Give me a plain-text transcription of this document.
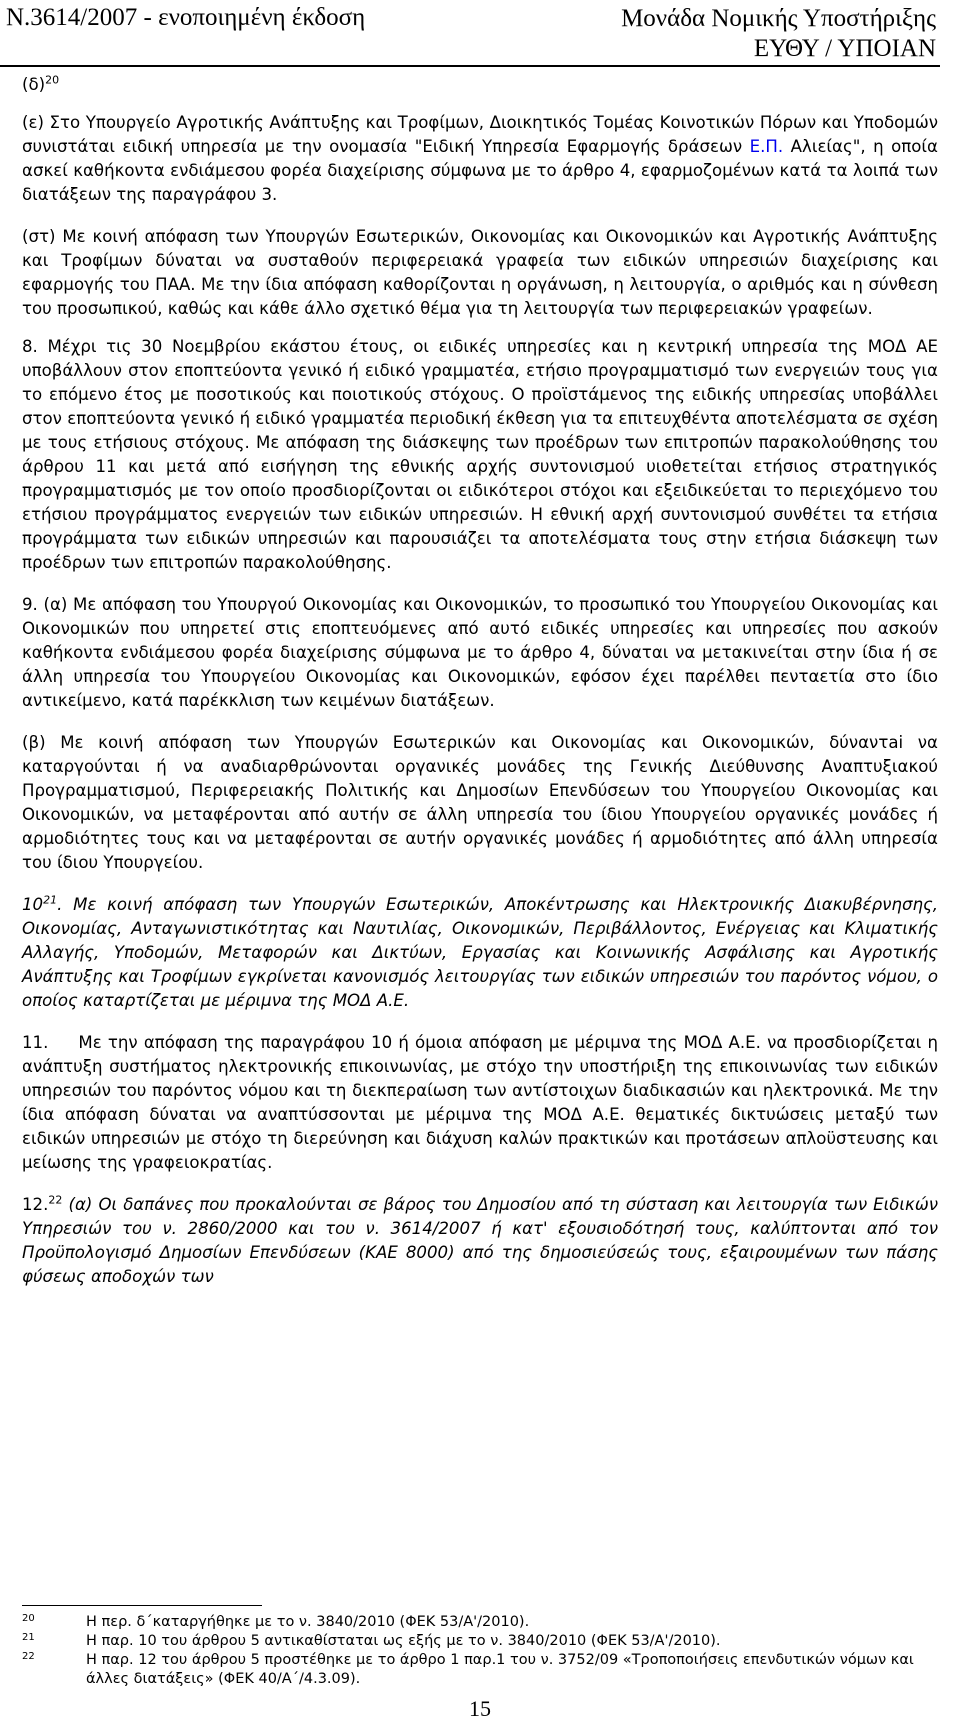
Ν.3614/2007 - ενοποιημένη έκδοση	Μονάδα Νομικής Υποστήριξης
ΕΥΘΥ / ΥΠΟΙΑΝ

$(\delta)^{20}$

(ε) Στο Υπουργείο Αγροτικής Ανάπτυξης και Τροφίμων, Διοικητικός Τομέας Κοινοτικών Πόρων και Υποδομών συνιστάται ειδική υπηρεσία με την ονομασία "Ειδική Υπηρεσία Εφαρμογής δράσεων Ε.Π. Αλιείας", η οποία ασκεί καθήκοντα ενδιάμεσου φορέα διαχείρισης σύμφωνα με το άρθρο 4, εφαρμοζομένων κατά τα λοιπά των διατάξεων της παραγράφου 3.

(στ) Με κοινή απόφαση των Υπουργών Εσωτερικών, Οικονομίας και Οικονομικών και Αγροτικής Ανάπτυξης και Τροφίμων δύναται να συσταθούν περιφερειακά γραφεία των ειδικών υπηρεσιών διαχείρισης και εφαρμογής του ΠΑΑ. Με την ίδια απόφαση καθορίζονται η οργάνωση, η λειτουργία, ο αριθμός και η σύνθεση του προσωπικού, καθώς και κάθε άλλο σχετικό θέμα για τη λειτουργία των περιφερειακών γραφείων.

8. Μέχρι τις 30 Νοεμβρίου εκάστου έτους, οι ειδικές υπηρεσίες και η κεντρική υπηρεσία της ΜΟΔ ΑΕ υποβάλλουν στον εποπτεύοντα γενικό ή ειδικό γραμματέα, ετήσιο προγραμματισμό των ενεργειών τους για το επόμενο έτος με ποσοτικούς και ποιοτικούς στόχους. Ο προϊστάμενος της ειδικής υπηρεσίας υποβάλλει στον εποπτεύοντα γενικό ή ειδικό γραμματέα περιοδική έκθεση για τα επιτευχθέντα αποτελέσματα σε σχέση με τους ετήσιους στόχους. Με απόφαση της διάσκεψης των προέδρων των επιτροπών παρακολούθησης του άρθρου 11 και μετά από εισήγηση της εθνικής αρχής συντονισμού υιοθετείται ετήσιος στρατηγικός προγραμματισμός με τον οποίο προσδιορίζονται οι ειδικότεροι στόχοι και εξειδικεύεται το περιεχόμενο του ετήσιου προγράμματος ενεργειών των ειδικών υπηρεσιών. Η εθνική αρχή συντονισμού συνθέτει τα ετήσια προγράμματα των ειδικών υπηρεσιών και παρουσιάζει τα αποτελέσματα τους στην ετήσια διάσκεψη των προέδρων των επιτροπών παρακολούθησης.

9. (α) Με απόφαση του Υπουργού Οικονομίας και Οικονομικών, το προσωπικό του Υπουργείου Οικονομίας και Οικονομικών που υπηρετεί στις εποπτευόμενες από αυτό ειδικές υπηρεσίες και υπηρεσίες που ασκούν καθήκοντα ενδιάμεσου φορέα διαχείρισης σύμφωνα με το άρθρο 4, δύναται να μετακινείται στην ίδια ή σε άλλη υπηρεσία του Υπουργείου Οικονομίας και Οικονομικών, εφόσον έχει παρέλθει πενταετία στο ίδιο αντικείμενο, κατά παρέκκλιση των κειμένων διατάξεων.

(β) Με κοινή απόφαση των Υπουργών Εσωτερικών και Οικονομίας και Οικονομικών, δύναντai να καταργούνται ή να αναδιαρθρώνονται οργανικές μονάδες της Γενικής Διεύθυνσης Αναπτυξιακού Προγραμματισμού, Περιφερειακής Πολιτικής και Δημοσίων Επενδύσεων του Υπουργείου Οικονομίας και Οικονομικών, να μεταφέρονται από αυτήν σε άλλη υπηρεσία του ίδιου Υπουργείου οργανικές μονάδες ή αρμοδιότητες τους και να μεταφέρονται σε αυτήν οργανικές μονάδες ή αρμοδιότητες από άλλη υπηρεσία του ίδιου Υπουργείου.

$10^{21}$. Με κοινή απόφαση των Υπουργών Εσωτερικών, Αποκέντρωσης και Ηλεκτρονικής Διακυβέρνησης, Οικονομίας, Ανταγωνιστικότητας και Ναυτιλίας, Οικονομικών, Περιβάλλοντος, Ενέργειας και Κλιματικής Αλλαγής, Υποδομών, Μεταφορών και Δικτύων, Εργασίας και Κοινωνικής Ασφάλισης και Αγροτικής Ανάπτυξης και Τροφίμων εγκρίνεται κανονισμός λειτουργίας των ειδικών υπηρεσιών του παρόντος νόμου, ο οποίος καταρτίζεται με μέριμνα της ΜΟΔ Α.Ε.

11. Με την απόφαση της παραγράφου 10 ή όμοια απόφαση με μέριμνα της ΜΟΔ Α.Ε. να προσδιορίζεται η ανάπτυξη συστήματος ηλεκτρονικής επικοινωνίας, με στόχο την υποστήριξη της επικοινωνίας των ειδικών υπηρεσιών του παρόντος νόμου και τη διεκπεραίωση των αντίστοιχων διαδικασιών και ηλεκτρονικά. Με την ίδια απόφαση δύναται να αναπτύσσονται με μέριμνα της ΜΟΔ Α.Ε. θεματικές δικτυώσεις μεταξύ των ειδικών υπηρεσιών με στόχο τη διερεύνηση και διάχυση καλών πρακτικών και προτάσεων απλοϋστευσης και μείωσης της γραφειοκρατίας.

12.22 (α) Οι δαπάνες που προκαλούνται σε βάρος του Δημοσίου από τη σύσταση και λειτουργία των Ειδικών Υπηρεσιών του ν. 2860/2000 και του ν. 3614/2007 ή κατ' εξουσιοδότησή τους, καλύπτονται από τον Προϋπολογισμό Δημοσίων Επενδύσεων (ΚΑΕ 8000) από της δημοσιεύσεώς τους, εξαιρουμένων των πάσης φύσεως αποδοχών των

20	Η περ. δ΄καταργήθηκε με το ν. 3840/2010 (ΦΕΚ 53/Α'/2010).
21	Η παρ. 10 του άρθρου 5 αντικαθίσταται ως εξής με το ν. 3840/2010 (ΦΕΚ 53/Α'/2010).
22	Η παρ. 12 του άρθρου 5 προστέθηκε με το άρθρο 1 παρ.1 του ν. 3752/09 «Τροποποιήσεις επενδυτικών νόμων και άλλες διατάξεις» (ΦΕΚ 40/Α΄/4.3.09).
15
